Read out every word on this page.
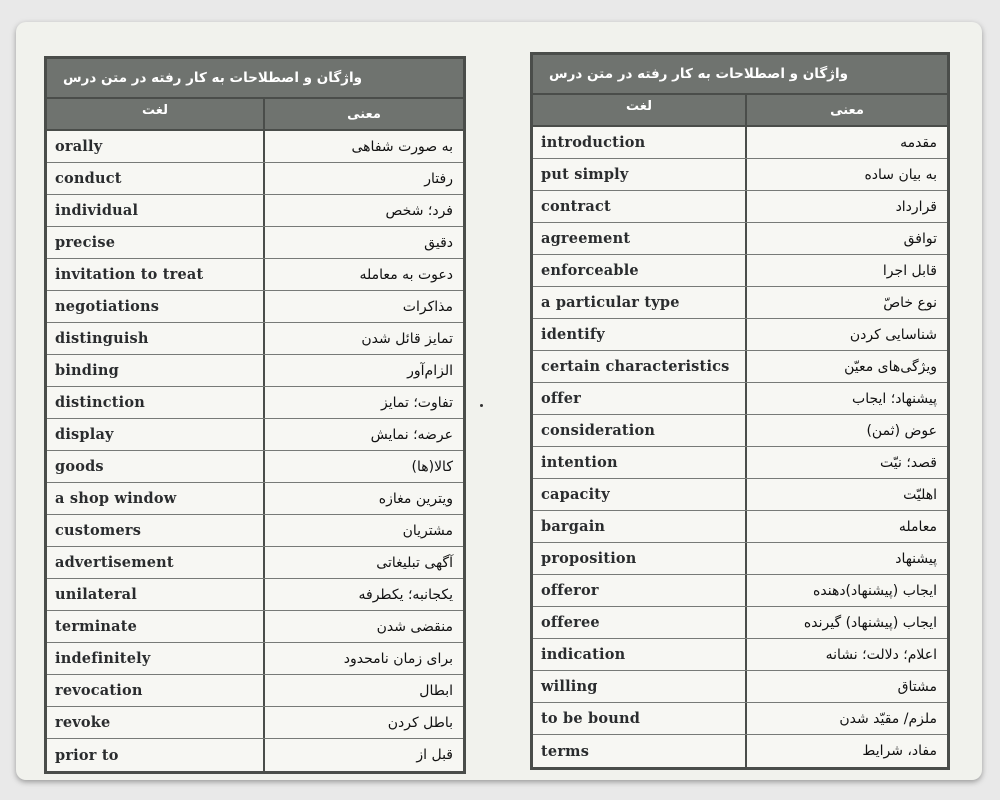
واژگان و اصطلاحات به کار رفته در متن درس
لغت	معنی
orally	به صورت شفاهی
conduct	رفتار
individual	فرد؛ شخص
precise	دقیق
invitation to treat	دعوت به معامله
negotiations	مذاکرات
distinguish	تمایز قائل شدن
binding	الزام‌آور
distinction	تفاوت؛ تمایز
display	عرضه؛ نمایش
goods	کالا(ها)
a shop window	ویترین مغازه
customers	مشتریان
advertisement	آگهی تبلیغاتی
unilateral	یکجانبه؛ یکطرفه
terminate	منقضی شدن
indefinitely	برای زمان نامحدود
revocation	ابطال
revoke	باطل کردن
prior to	قبل از
واژگان و اصطلاحات به کار رفته در متن درس
لغت	معنی
introduction	مقدمه
put simply	به بیان ساده
contract	قرارداد
agreement	توافق
enforceable	قابل اجرا
a particular type	نوع خاصّ
identify	شناسایی کردن
certain characteristics	ویژگی‌های معیّن
offer	پیشنهاد؛ ایجاب
consideration	عوض (ثمن)
intention	قصد؛ نیّت
capacity	اهلیّت
bargain	معامله
proposition	پیشنهاد
offeror	ایجاب (پیشنهاد)دهنده
offeree	ایجاب (پیشنهاد) گیرنده
indication	اعلام؛ دلالت؛ نشانه
willing	مشتاق
to be bound	ملزم/ مقیّد شدن
terms	مفاد، شرایط
